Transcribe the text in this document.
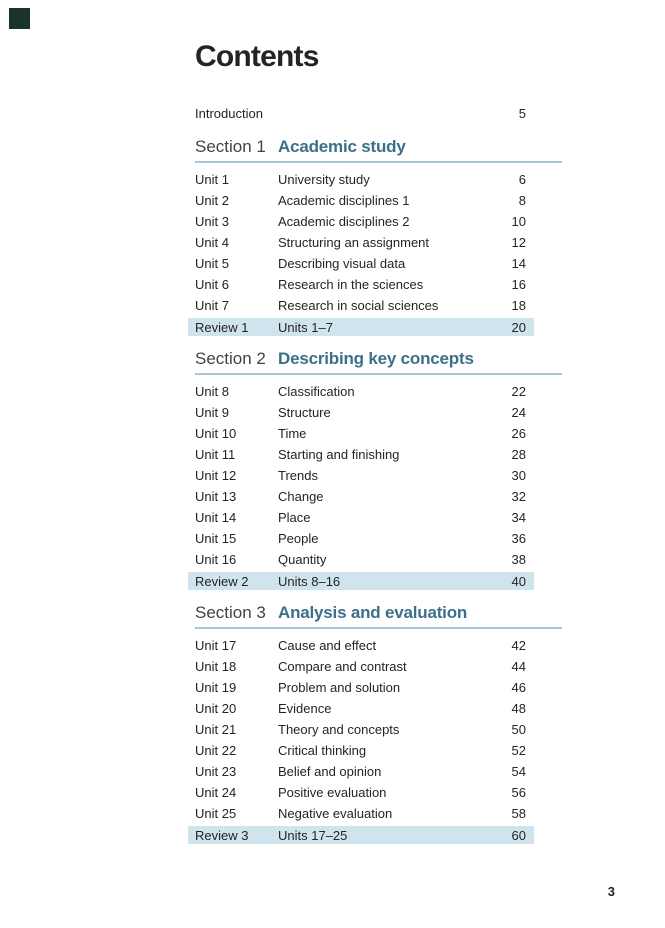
Contents
Introduction	5
Section 1 Academic study
Unit 1	University study	6
Unit 2	Academic disciplines 1	8
Unit 3	Academic disciplines 2	10
Unit 4	Structuring an assignment	12
Unit 5	Describing visual data	14
Unit 6	Research in the sciences	16
Unit 7	Research in social sciences	18
Review 1	Units 1–7	20
Section 2 Describing key concepts
Unit 8	Classification	22
Unit 9	Structure	24
Unit 10	Time	26
Unit 11	Starting and finishing	28
Unit 12	Trends	30
Unit 13	Change	32
Unit 14	Place	34
Unit 15	People	36
Unit 16	Quantity	38
Review 2	Units 8–16	40
Section 3 Analysis and evaluation
Unit 17	Cause and effect	42
Unit 18	Compare and contrast	44
Unit 19	Problem and solution	46
Unit 20	Evidence	48
Unit 21	Theory and concepts	50
Unit 22	Critical thinking	52
Unit 23	Belief and opinion	54
Unit 24	Positive evaluation	56
Unit 25	Negative evaluation	58
Review 3	Units 17–25	60
3
